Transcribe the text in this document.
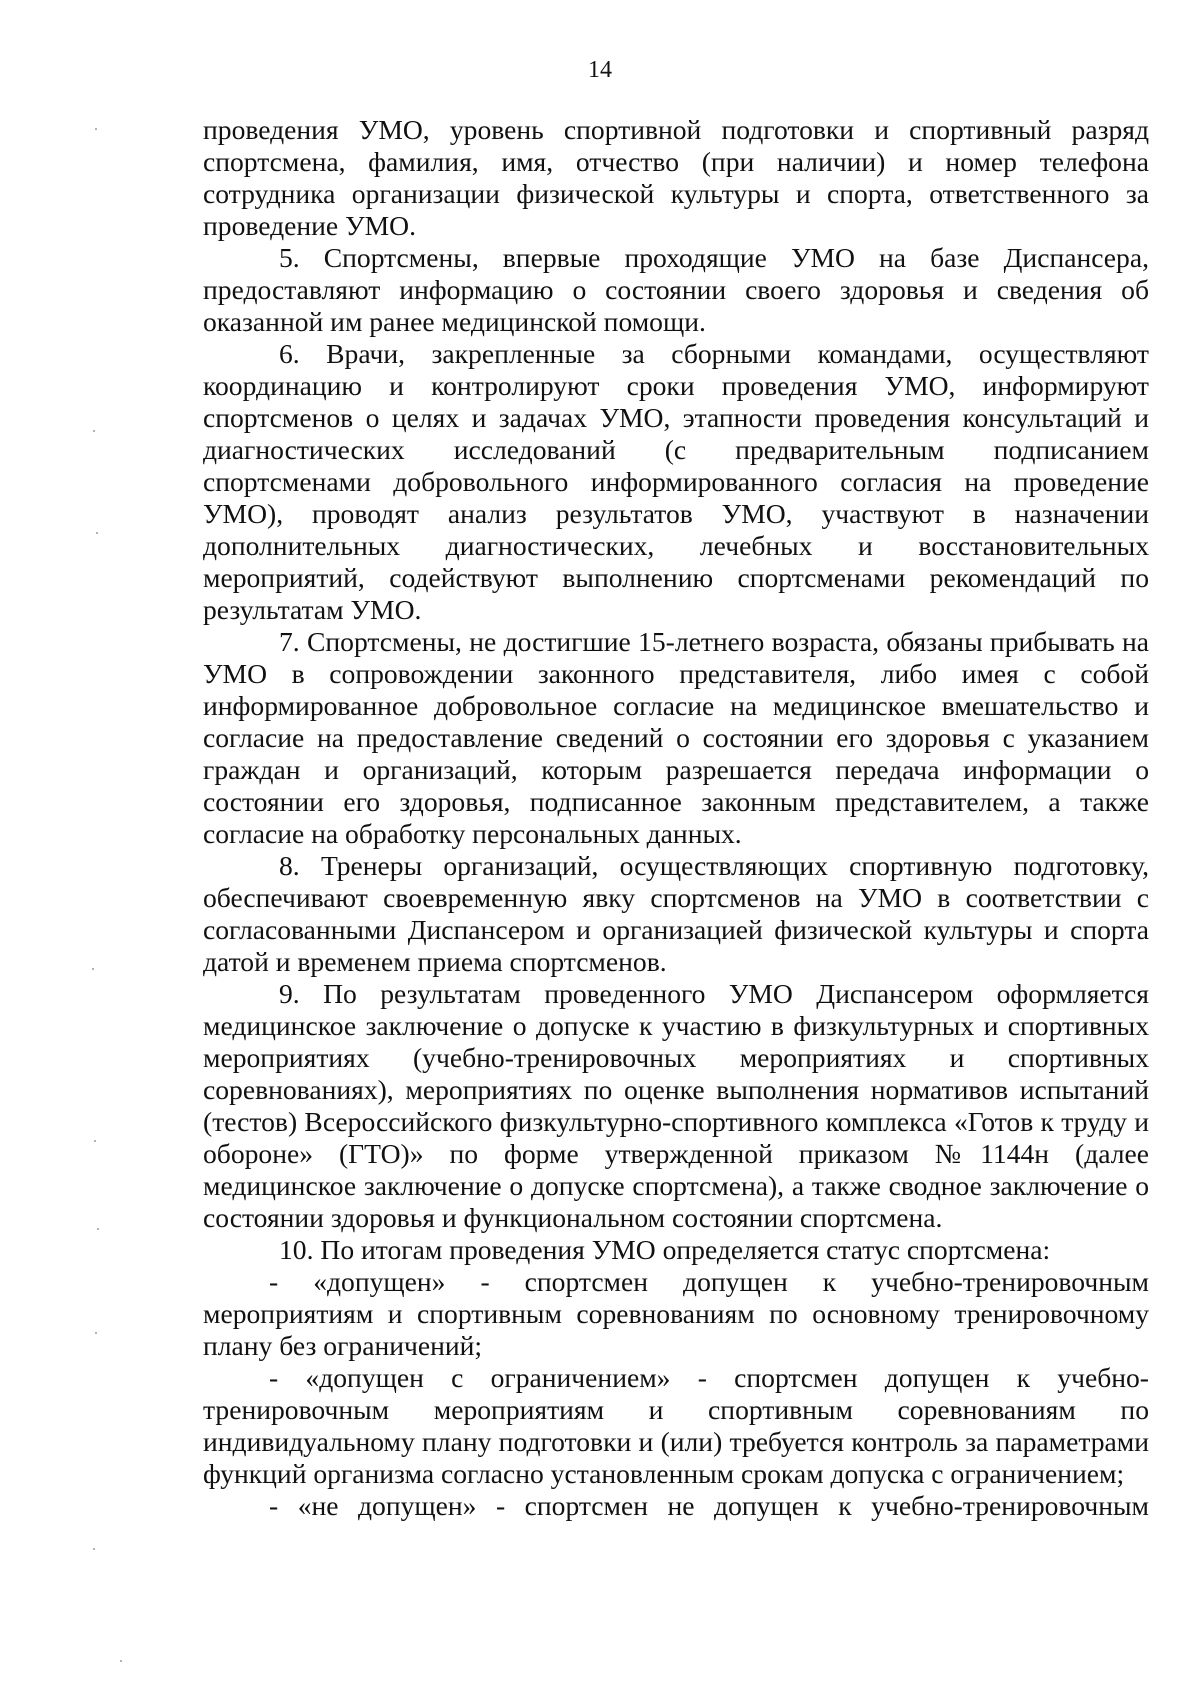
14

проведения УМО, уровень спортивной подготовки и спортивный разряд спортсмена, фамилия, имя, отчество (при наличии) и номер телефона сотрудника организации физической культуры и спорта, ответственного за проведение УМО.

5. Спортсмены, впервые проходящие УМО на базе Диспансера, предоставляют информацию о состоянии своего здоровья и сведения об оказанной им ранее медицинской помощи.

6. Врачи, закрепленные за сборными командами, осуществляют координацию и контролируют сроки проведения УМО, информируют спортсменов о целях и задачах УМО, этапности проведения консультаций и диагностических исследований (с предварительным подписанием спортсменами добровольного информированного согласия на проведение УМО), проводят анализ результатов УМО, участвуют в назначении дополнительных диагностических, лечебных и восстановительных мероприятий, содействуют выполнению спортсменами рекомендаций по результатам УМО.

7. Спортсмены, не достигшие 15-летнего возраста, обязаны прибывать на УМО в сопровождении законного представителя, либо имея с собой информированное добровольное согласие на медицинское вмешательство и согласие на предоставление сведений о состоянии его здоровья с указанием граждан и организаций, которым разрешается передача информации о состоянии его здоровья, подписанное законным представителем, а также согласие на обработку персональных данных.

8. Тренеры организаций, осуществляющих спортивную подготовку, обеспечивают своевременную явку спортсменов на УМО в соответствии с согласованными Диспансером и организацией физической культуры и спорта датой и временем приема спортсменов.

9. По результатам проведенного УМО Диспансером оформляется медицинское заключение о допуске к участию в физкультурных и спортивных мероприятиях (учебно-тренировочных мероприятиях и спортивных соревнованиях), мероприятиях по оценке выполнения нормативов испытаний (тестов) Всероссийского физкультурно-спортивного комплекса «Готов к труду и обороне» (ГТО)» по форме утвержденной приказом №1144н (далее медицинское заключение о допуске спортсмена), а также сводное заключение о состоянии здоровья и функциональном состоянии спортсмена.

10. По итогам проведения УМО определяется статус спортсмена:

- «допущен» - спортсмен допущен к учебно-тренировочным мероприятиям и спортивным соревнованиям по основному тренировочному плану без ограничений;

- «допущен с ограничением» - спортсмен допущен к учебно-тренировочным мероприятиям и спортивным соревнованиям по индивидуальному плану подготовки и (или) требуется контроль за параметрами функций организма согласно установленным срокам допуска с ограничением;

- «не допущен» - спортсмен не допущен к учебно-тренировочным
